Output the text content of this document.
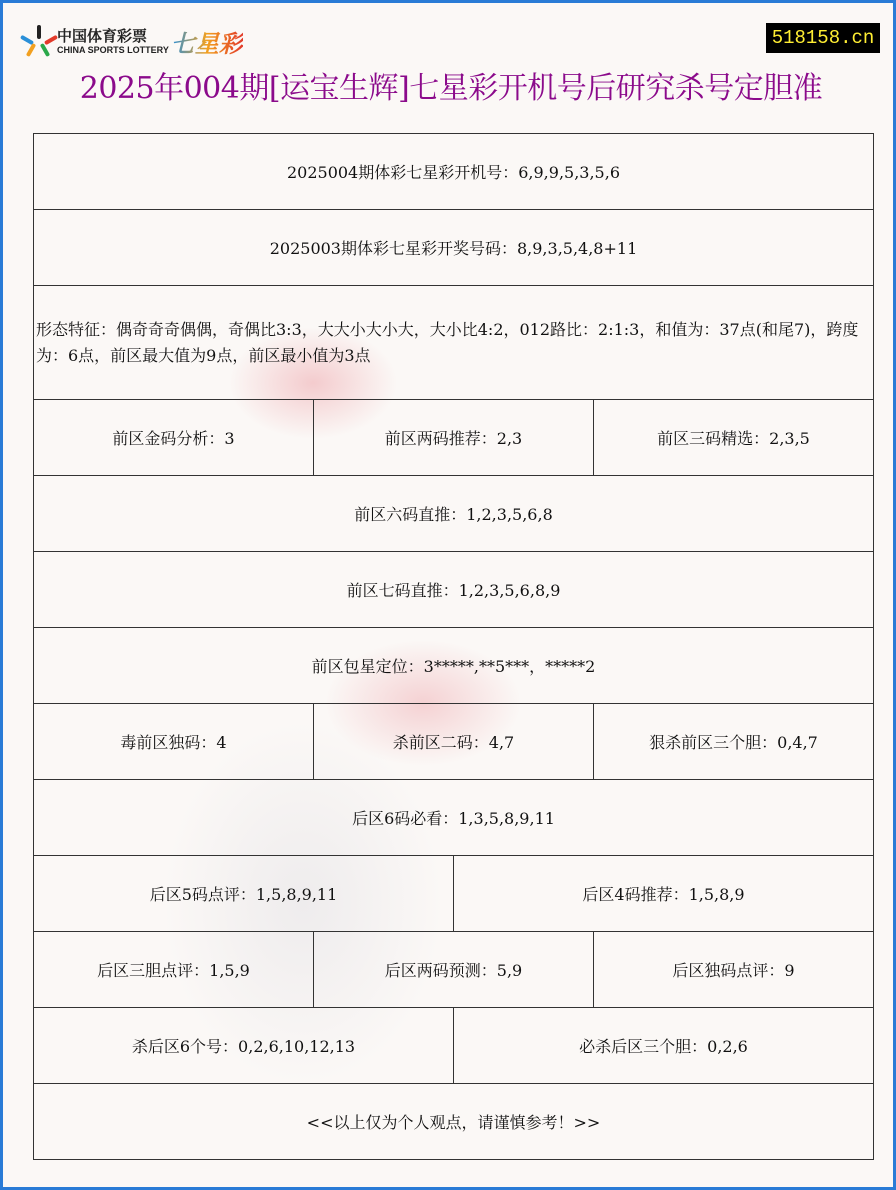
中国体育彩票
CHINA SPORTS LOTTERY 七星彩	518158.cn
2025年004期[运宝生辉]七星彩开机号后研究杀号定胆准
2025004期体彩七星彩开机号：6,9,9,5,3,5,6			
2025003期体彩七星彩开奖号码：8,9,3,5,4,8+11			
形态特征：偶奇奇奇偶偶，奇偶比3:3，大大小大小大，大小比4:2，012路比：2:1:3，和值为：37点(和尾7)，跨度为：6点，前区最大值为9点，前区最小值为3点			
前区金码分析：3	前区两码推荐：2,3		前区三码精选：2,3,5
前区六码直推：1,2,3,5,6,8			
前区七码直推：1,2,3,5,6,8,9			
前区包星定位：3*****,**5***，*****2			
毒前区独码：4	杀前区二码：4,7		狠杀前区三个胆：0,4,7
后区6码必看：1,3,5,8,9,11			
后区5码点评：1,5,8,9,11		后区4码推荐：1,5,8,9	
后区三胆点评：1,5,9	后区两码预测：5,9		后区独码点评：9
杀后区6个号：0,2,6,10,12,13		必杀后区三个胆：0,2,6	
<<以上仅为个人观点，请谨慎参考！>>			
